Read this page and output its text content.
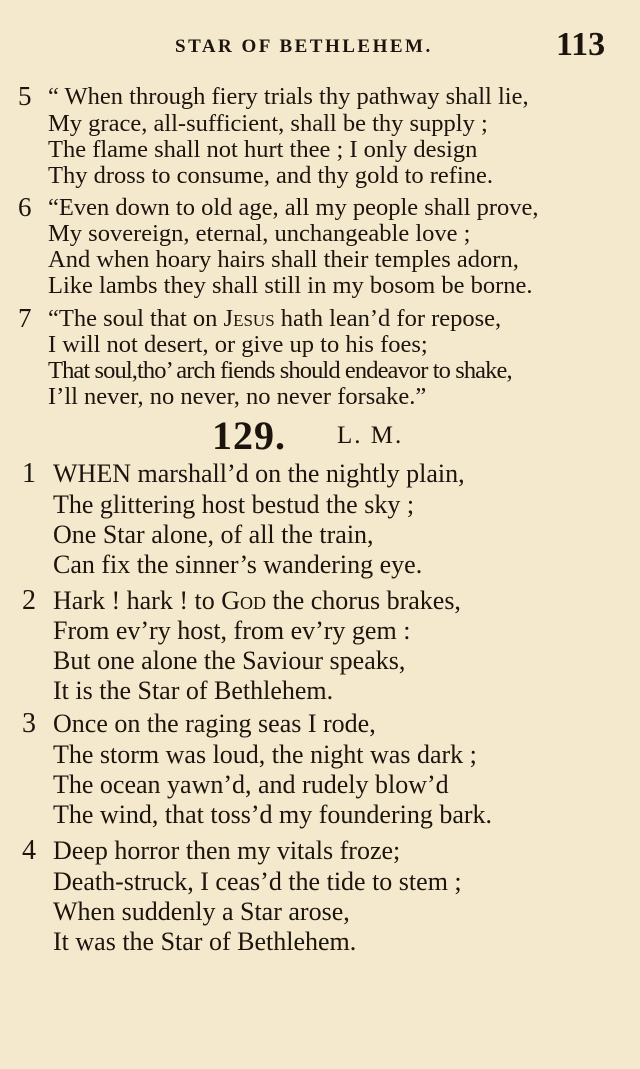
STAR OF BETHLEHEM.	113
5 “ When through fiery trials thy pathway shall lie,
My grace, all-sufficient, shall be thy supply ;
The flame shall not hurt thee ; I only design
Thy dross to consume, and thy gold to refine.
6 “Even down to old age, all my people shall prove,
My sovereign, eternal, unchangeable love ;
And when hoary hairs shall their temples adorn,
Like lambs they shall still in my bosom be borne.
7 “The soul that on Jesus hath lean’d for repose,
I will not desert, or give up to his foes;
That soul,tho’ arch fiends should endeavor to shake,
I’ll never, no never, no never forsake.”
129. L. M.
1 WHEN marshall’d on the nightly plain,
The glittering host bestud the sky ;
One Star alone, of all the train,
Can fix the sinner’s wandering eye.
2 Hark ! hark ! to God the chorus brakes,
From ev’ry host, from ev’ry gem :
But one alone the Saviour speaks,
It is the Star of Bethlehem.
3 Once on the raging seas I rode,
The storm was loud, the night was dark ;
The ocean yawn’d, and rudely blow’d
The wind, that toss’d my foundering bark.
4 Deep horror then my vitals froze;
Death-struck, I ceas’d the tide to stem ;
When suddenly a Star arose,
It was the Star of Bethlehem.
